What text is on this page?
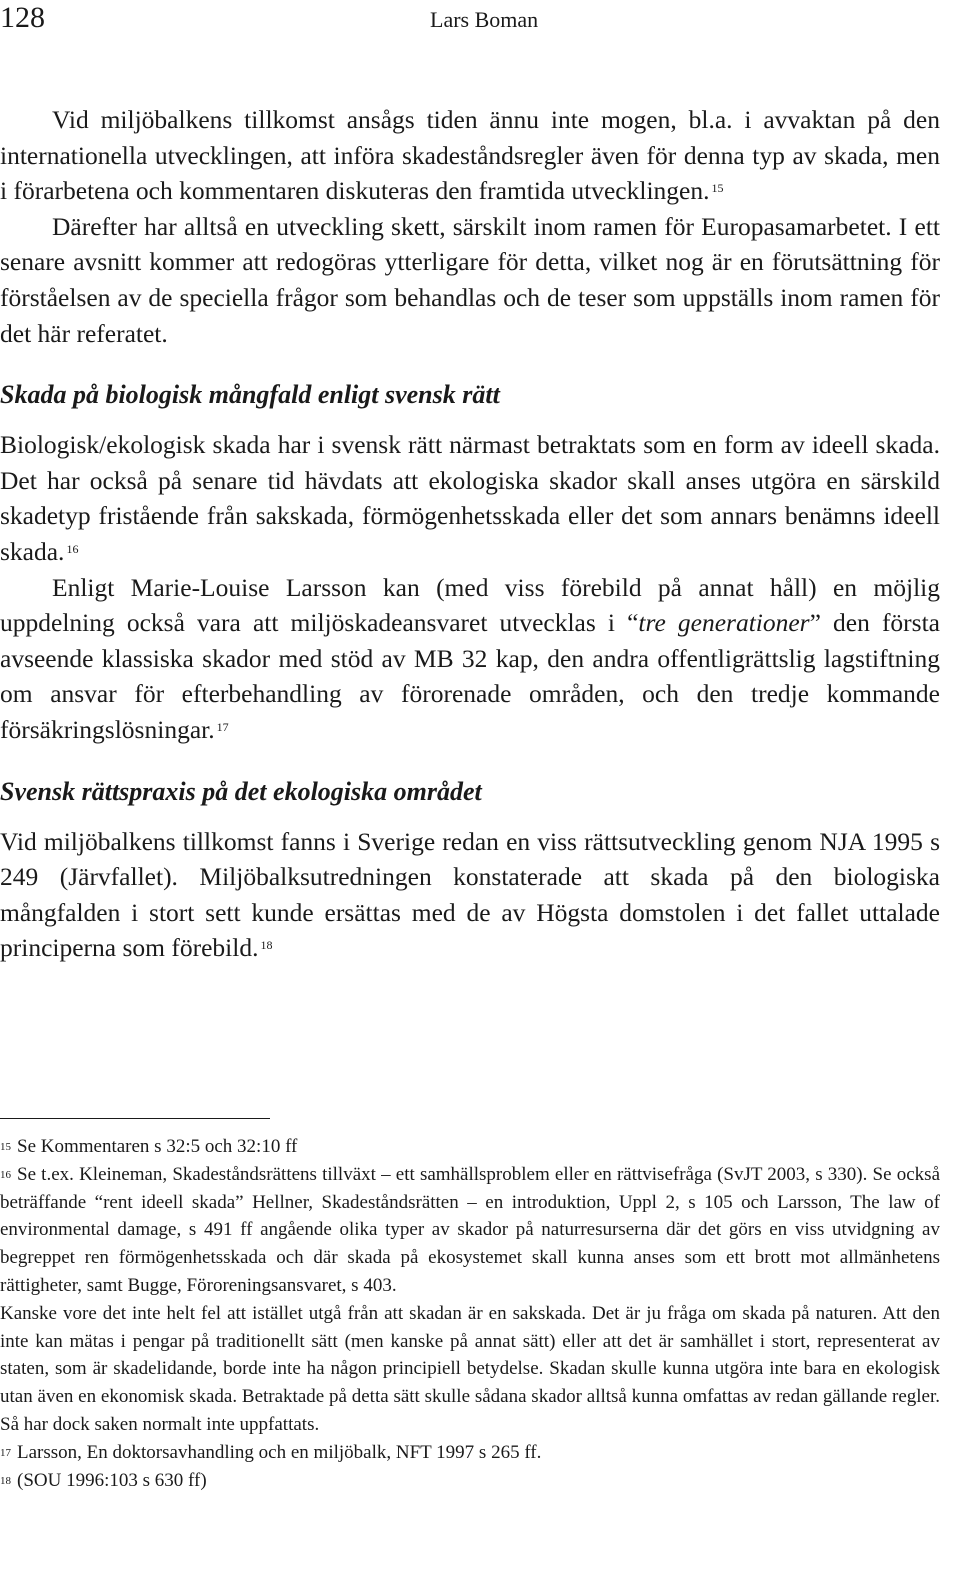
128	Lars Boman

Vid miljöbalkens tillkomst ansågs tiden ännu inte mogen, bl.a. i avvaktan på den internationella utvecklingen, att införa skadeståndsregler även för denna typ av skada, men i förarbetena och kommentaren diskuteras den framtida utvecklingen. $^{15}$

Därefter har alltså en utveckling skett, särskilt inom ramen för Europasamarbetet. I ett senare avsnitt kommer att redogöras ytterligare för detta, vilket nog är en förutsättning för förståelsen av de speciella frågor som behandlas och de teser som uppställs inom ramen för det här referatet.

Skada på biologisk mångfald enligt svensk rätt

Biologisk/ekologisk skada har i svensk rätt närmast betraktats som en form av ideell skada. Det har också på senare tid hävdats att ekologiska skador skall anses utgöra en särskild skadetyp fristående från sakskada, förmögenhetsskada eller det som annars benämns ideell skada. $^{16}$

Enligt Marie-Louise Larsson kan (med viss förebild på annat håll) en möjlig uppdelning också vara att miljöskadeansvaret utvecklas i “tre generationer” den första avseende klassiska skador med stöd av MB 32 kap, den andra offentligrättslig lagstiftning om ansvar för efterbehandling av förorenade områden, och den tredje kommande försäkringslösningar. $^{17}$

Svensk rättspraxis på det ekologiska området

Vid miljöbalkens tillkomst fanns i Sverige redan en viss rättsutveckling genom NJA 1995 s 249 (Järvfallet). Miljöbalksutredningen konstaterade att skada på den biologiska mångfalden i stort sett kunde ersättas med de av Högsta domstolen i det fallet uttalade principerna som förebild. $^{18}$

$^{15}$ Se Kommentaren s 32:5 och 32:10 ff

$^{16}$ Se t.ex. Kleineman, Skadeståndsrättens tillväxt – ett samhällsproblem eller en rättvisefråga (SvJT 2003, s 330). Se också beträffande “rent ideell skada” Hellner, Skadeståndsrätten – en introduktion, Uppl 2, s 105 och Larsson, The law of environmental damage, s 491 ff angående olika typer av skador på naturresurserna där det görs en viss utvidgning av begreppet ren förmögenhetsskada och där skada på ekosystemet skall kunna anses som ett brott mot allmänhetens rättigheter, samt Bugge, Föroreningsansvaret, s 403.

Kanske vore det inte helt fel att istället utgå från att skadan är en sakskada. Det är ju fråga om skada på naturen. Att den inte kan mätas i pengar på traditionellt sätt (men kanske på annat sätt) eller att det är samhället i stort, representerat av staten, som är skadelidande, borde inte ha någon principiell betydelse. Skadan skulle kunna utgöra inte bara en ekologisk utan även en ekonomisk skada. Betraktade på detta sätt skulle sådana skador alltså kunna omfattas av redan gällande regler. Så har dock saken normalt inte uppfattats.

$^{17}$ Larsson, En doktorsavhandling och en miljöbalk, NFT 1997 s 265 ff.

$^{18}$ (SOU 1996:103 s 630 ff)
